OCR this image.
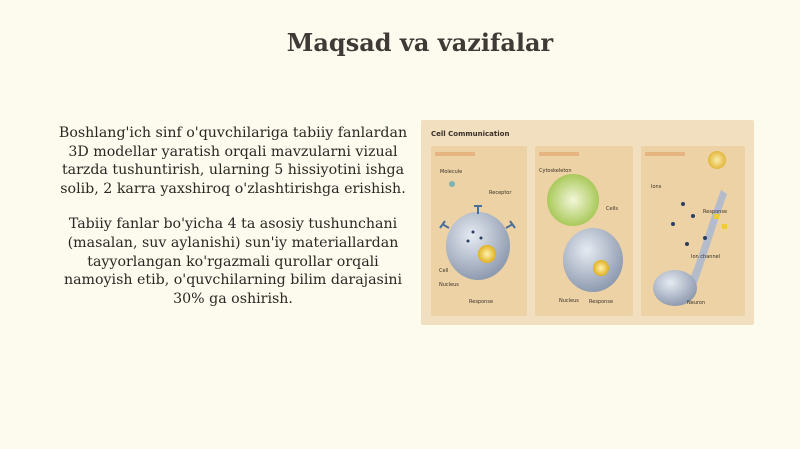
Maqsad va vazifalar

Boshlang'ich sinf o'quvchilariga tabiiy fanlardan 3D modellar yaratish orqali mavzularni vizual tarzda tushuntirish, ularning 5 hissiyotini ishga solib, 2 karra yaxshiroq o'zlashtirishga erishish.

Tabiiy fanlar bo'yicha 4 ta asosiy tushunchani (masalan, suv aylanishi) sun'iy materiallardan tayyorlangan ko'rgazmali qurollar orqali namoyish etib, o'quvchilarning bilim darajasini 30% ga oshirish.

Cell Communication
Molecule
Receptor
Cell
Nucleus
Response
Cytoskeleton
Cells
Nucleus Response
Ions
Response
Ion channel
Neuron
